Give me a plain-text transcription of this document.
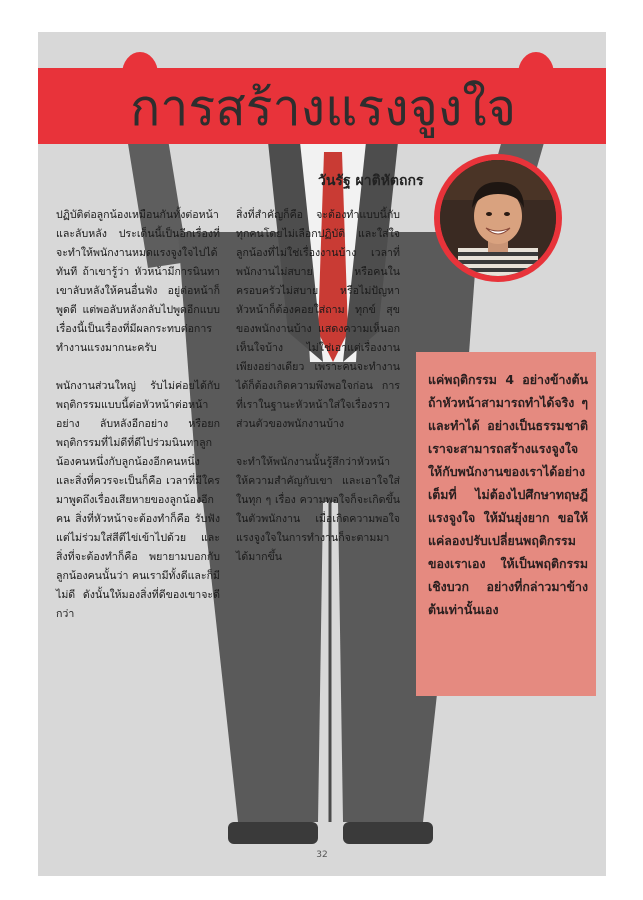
การสร้างแรงจูงใจ
วันรัฐ ผาติหัตถกร

ปฏิบัติต่อลูกน้องเหมือนกันทั้งต่อหน้าและลับหลัง ประเด็นนี้เป็นอีกเรื่องที่จะทำให้พนักงานหมดแรงจูงใจไปได้ทันที ถ้าเขารู้ว่า หัวหน้ามีการนินทาเขาลับหลังให้คนอื่นฟัง อยู่ต่อหน้าก็พูดดี แต่พอลับหลังกลับไปพูดอีกแบบ เรื่องนี้เป็นเรื่องที่มีผลกระทบต่อการทำงานแรงมากนะครับ

พนักงานส่วนใหญ่ รับไม่ค่อยได้กับพฤติกรรมแบบนี้ต่อหัวหน้าต่อหน้าอย่าง ลับหลังอีกอย่าง หรือยกพฤติกรรมที่ไม่ดีที่ดีไปร่วมนินทาลูกน้องคนหนึ่งกับลูกน้องอีกคนหนึ่ง และสิ่งที่ควรจะเป็นก็คือ เวลาที่มีใครมาพูดถึงเรื่องเสียหายของลูกน้องอีกคน สิ่งที่หัวหน้าจะต้องทำก็คือ รับฟังแต่ไม่ร่วมใส่สีตีไข่เข้าไปด้วย และสิ่งที่จะต้องทำก็คือ พยายามบอกกับลูกน้องคนนั้นว่า คนเรามีทั้งดีและก็มีไม่ดี ดังนั้นให้มองสิ่งที่ดีของเขาจะดีกว่า

สิ่งที่สำคัญก็คือ จะต้องทำแบบนี้กับทุกคนโดยไม่เลือกปฏิบัติ และใส่ใจลูกน้องที่ไม่ใช่เรื่องงานบ้าง เวลาที่พนักงานไม่สบาย หรือคนในครอบครัวไม่สบาย หรือไม่ปัญหา หัวหน้าก็ต้องคอยใส่ถาม ทุกข์ สุข ของพนักงานบ้าง แสดงความเห็นอกเห็นใจบ้าง ไม่ใช่เอาแต่เรื่องงานเพียงอย่างเดียว เพราะคนจะทำงานได้ก็ต้องเกิดความพึงพอใจก่อน การที่เราในฐานะหัวหน้าใส่ใจเรื่องราวส่วนตัวของพนักงานบ้าง

จะทำให้พนักงานนั้นรู้สึกว่าหัวหน้าให้ความสำคัญกับเขา และเอาใจใส่ในทุก ๆ เรื่อง ความพอใจก็จะเกิดขึ้นในตัวพนักงาน เมื่อเกิดความพอใจ แรงจูงใจในการทำงานก็จะตามมาได้มากขึ้น

แค่พฤติกรรม 4 อย่างข้างต้น ถ้าหัวหน้าสามารถทำได้จริง ๆ และทำได้ อย่างเป็นธรรมชาติ เราจะสามารถสร้างแรงจูงใจให้กับพนักงานของเราได้อย่างเต็มที่ ไม่ต้องไปศึกษาทฤษฎีแรงจูงใจ ให้มันยุ่งยาก ขอให้แค่ลองปรับเปลี่ยนพฤติกรรมของเราเอง ให้เป็นพฤติกรรมเชิงบวก อย่างที่กล่าวมาข้างต้นเท่านั้นเอง
32
